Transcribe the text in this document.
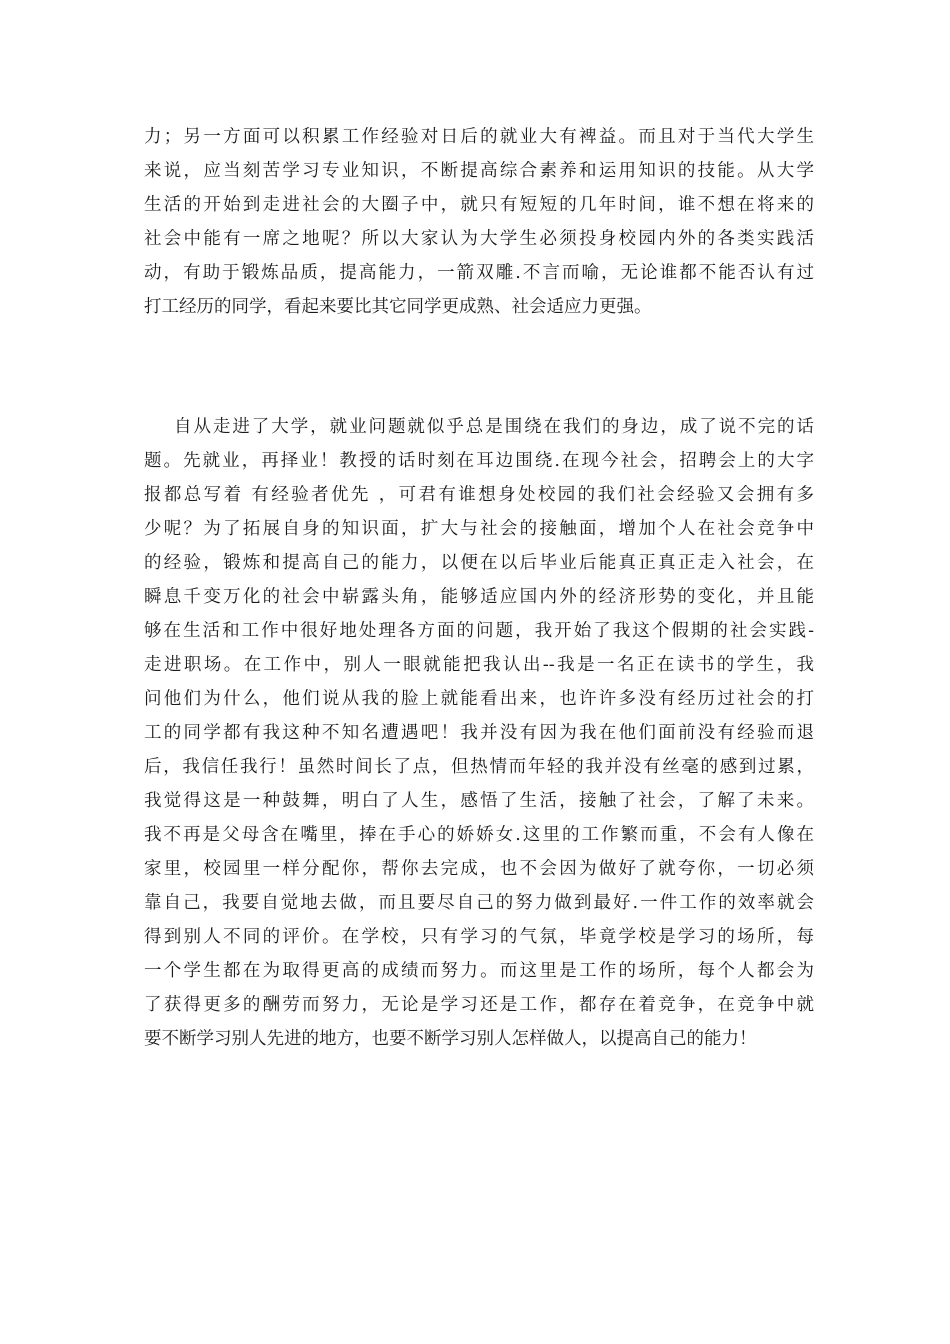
力；另一方面可以积累工作经验对日后的就业大有裨益。而且对于当代大学生
来说，应当刻苦学习专业知识，不断提高综合素养和运用知识的技能。从大学
生活的开始到走进社会的大圈子中，就只有短短的几年时间，谁不想在将来的
社会中能有一席之地呢？所以大家认为大学生必须投身校园内外的各类实践活
动，有助于锻炼品质，提高能力，一箭双雕.不言而喻，无论谁都不能否认有过
打工经历的同学，看起来要比其它同学更成熟、社会适应力更强。
自从走进了大学，就业问题就似乎总是围绕在我们的身边，成了说不完的话
题。先就业，再择业！教授的话时刻在耳边围绕.在现今社会，招聘会上的大字
报都总写着 有经验者优先 ，可君有谁想身处校园的我们社会经验又会拥有多
少呢？为了拓展自身的知识面，扩大与社会的接触面，增加个人在社会竞争中
的经验，锻炼和提高自己的能力，以便在以后毕业后能真正真正走入社会，在
瞬息千变万化的社会中崭露头角，能够适应国内外的经济形势的变化，并且能
够在生活和工作中很好地处理各方面的问题，我开始了我这个假期的社会实践-
走进职场。在工作中，别人一眼就能把我认出--我是一名正在读书的学生，我
问他们为什么，他们说从我的脸上就能看出来，也许许多没有经历过社会的打
工的同学都有我这种不知名遭遇吧！我并没有因为我在他们面前没有经验而退
后，我信任我行！虽然时间长了点，但热情而年轻的我并没有丝毫的感到过累，
我觉得这是一种鼓舞，明白了人生，感悟了生活，接触了社会，了解了未来。
我不再是父母含在嘴里，捧在手心的娇娇女.这里的工作繁而重，不会有人像在
家里，校园里一样分配你，帮你去完成，也不会因为做好了就夸你，一切必须
靠自己，我要自觉地去做，而且要尽自己的努力做到最好.一件工作的效率就会
得到别人不同的评价。在学校，只有学习的气氛，毕竟学校是学习的场所，每
一个学生都在为取得更高的成绩而努力。而这里是工作的场所，每个人都会为
了获得更多的酬劳而努力，无论是学习还是工作，都存在着竞争，在竞争中就
要不断学习别人先进的地方，也要不断学习别人怎样做人，以提高自己的能力！
